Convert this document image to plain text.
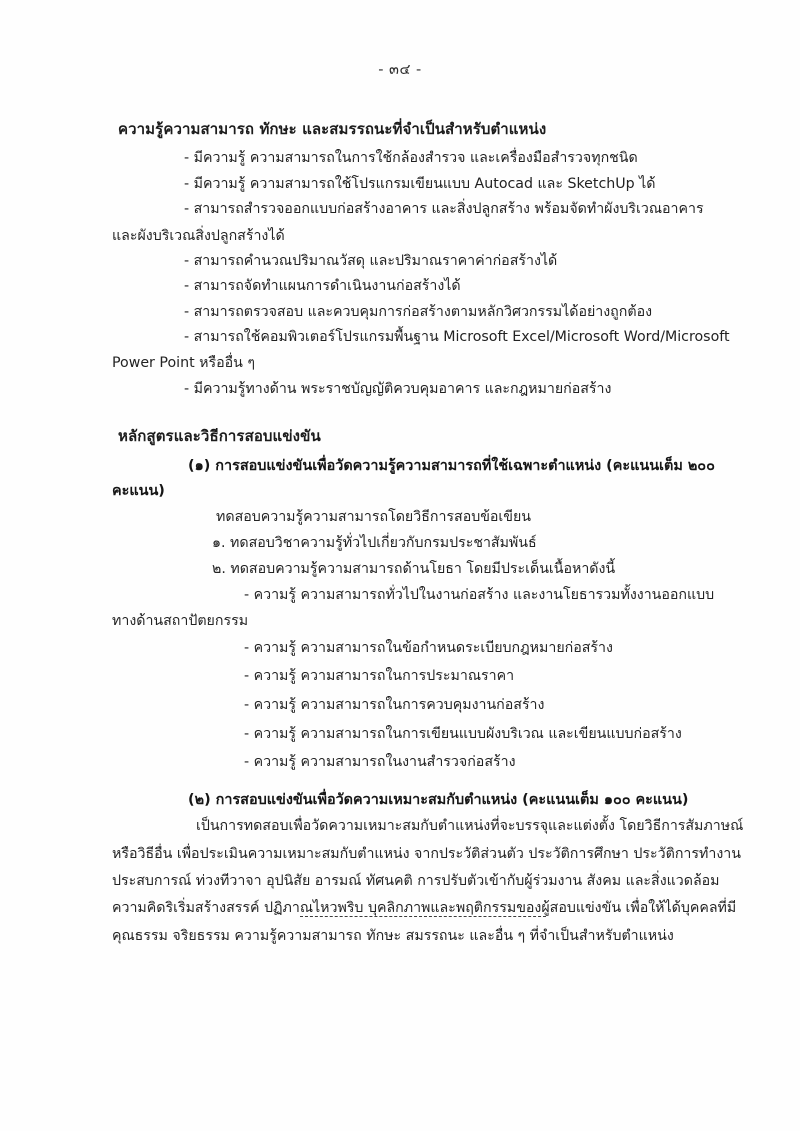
- ๓๔ -
ความรู้ความสามารถ ทักษะ และสมรรถนะที่จำเป็นสำหรับตำแหน่ง
- มีความรู้ ความสามารถในการใช้กล้องสำรวจ และเครื่องมือสำรวจทุกชนิด
- มีความรู้ ความสามารถใช้โปรแกรมเขียนแบบ Autocad และ SketchUp ได้
- สามารถสำรวจออกแบบก่อสร้างอาคาร และสิ่งปลูกสร้าง พร้อมจัดทำผังบริเวณอาคาร
และผังบริเวณสิ่งปลูกสร้างได้
- สามารถคำนวณปริมาณวัสดุ และปริมาณราคาค่าก่อสร้างได้
- สามารถจัดทำแผนการดำเนินงานก่อสร้างได้
- สามารถตรวจสอบ และควบคุมการก่อสร้างตามหลักวิศวกรรมได้อย่างถูกต้อง
- สามารถใช้คอมพิวเตอร์โปรแกรมพื้นฐาน Microsoft Excel/Microsoft Word/Microsoft
Power Point หรืออื่น ๆ
- มีความรู้ทางด้าน พระราชบัญญัติควบคุมอาคาร และกฎหมายก่อสร้าง
หลักสูตรและวิธีการสอบแข่งขัน
(๑) การสอบแข่งขันเพื่อวัดความรู้ความสามารถที่ใช้เฉพาะตำแหน่ง (คะแนนเต็ม ๒๐๐ คะแนน)
ทดสอบความรู้ความสามารถโดยวิธีการสอบข้อเขียน
๑. ทดสอบวิชาความรู้ทั่วไปเกี่ยวกับกรมประชาสัมพันธ์
๒. ทดสอบความรู้ความสามารถด้านโยธา โดยมีประเด็นเนื้อหาดังนี้
- ความรู้ ความสามารถทั่วไปในงานก่อสร้าง และงานโยธารวมทั้งงานออกแบบ
ทางด้านสถาปัตยกรรม
- ความรู้ ความสามารถในข้อกำหนดระเบียบกฎหมายก่อสร้าง
- ความรู้ ความสามารถในการประมาณราคา
- ความรู้ ความสามารถในการควบคุมงานก่อสร้าง
- ความรู้ ความสามารถในการเขียนแบบผังบริเวณ และเขียนแบบก่อสร้าง
- ความรู้ ความสามารถในงานสำรวจก่อสร้าง
(๒) การสอบแข่งขันเพื่อวัดความเหมาะสมกับตำแหน่ง (คะแนนเต็ม ๑๐๐ คะแนน)
เป็นการทดสอบเพื่อวัดความเหมาะสมกับตำแหน่งที่จะบรรจุและแต่งตั้ง โดยวิธีการสัมภาษณ์
หรือวิธีอื่น เพื่อประเมินความเหมาะสมกับตำแหน่ง จากประวัติส่วนตัว ประวัติการศึกษา ประวัติการทำงาน
ประสบการณ์ ท่วงทีวาจา อุปนิสัย อารมณ์ ทัศนคติ การปรับตัวเข้ากับผู้ร่วมงาน สังคม และสิ่งแวดล้อม
ความคิดริเริ่มสร้างสรรค์ ปฏิภาณไหวพริบ บุคลิกภาพและพฤติกรรมของผู้สอบแข่งขัน เพื่อให้ได้บุคคลที่มี
คุณธรรม จริยธรรม ความรู้ความสามารถ ทักษะ สมรรถนะ และอื่น ๆ ที่จำเป็นสำหรับตำแหน่ง
